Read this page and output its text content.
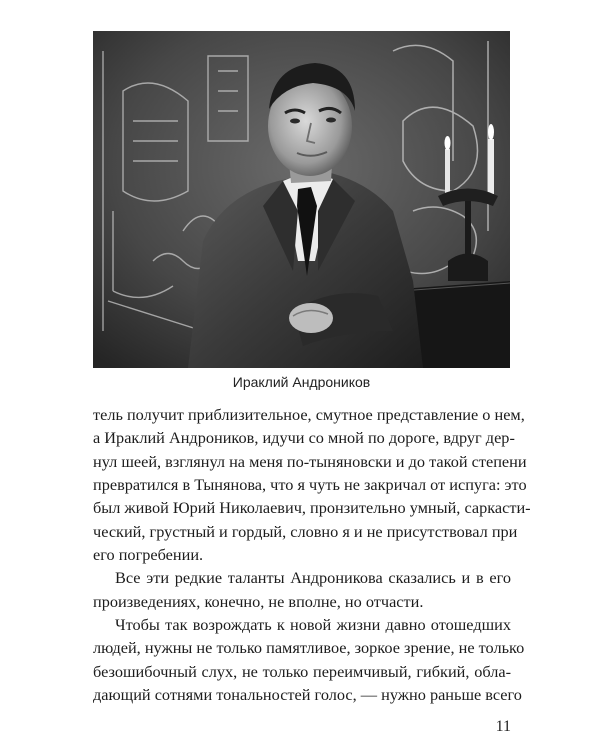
Ираклий Андроников
тель получит приблизительное, смутное представление о нем,
а Ираклий Андроников, идучи со мной по дороге, вдруг дер-
нул шеей, взглянул на меня по-тыняновски и до такой степени
превратился в Тынянова, что я чуть не закричал от испуга: это
был живой Юрий Николаевич, пронзительно умный, саркасти-
ческий, грустный и гордый, словно я и не присутствовал при
его погребении.
Все эти редкие таланты Андроникова сказались и в его
произведениях, конечно, не вполне, но отчасти.
Чтобы так возрождать к новой жизни давно отошедших
людей, нужны не только памятливое, зоркое зрение, не только
безошибочный слух, не только переимчивый, гибкий, обла-
дающий сотнями тональностей голос, — нужно раньше всего
11
